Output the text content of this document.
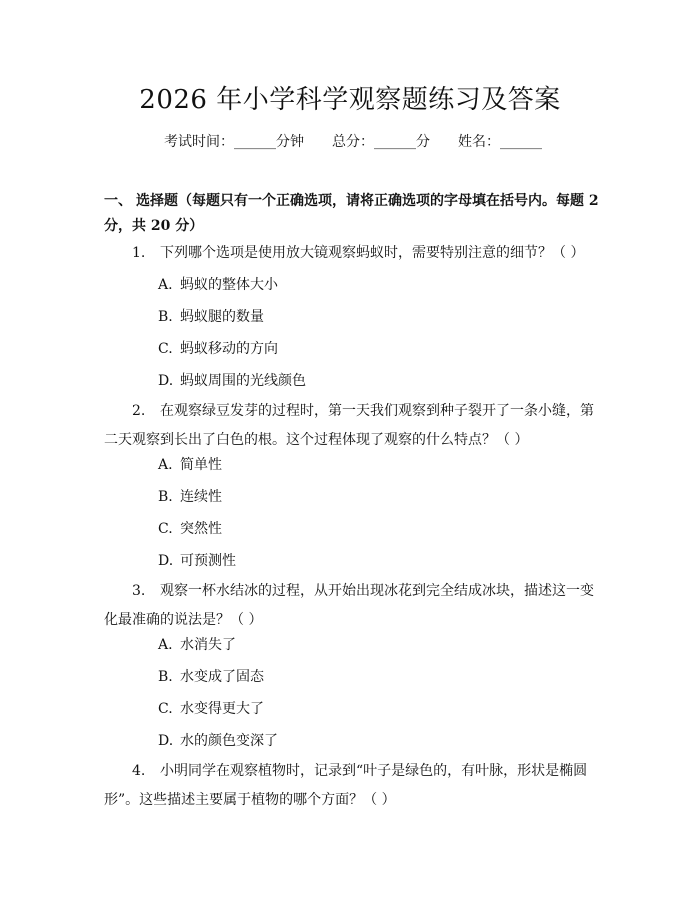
2026 年小学科学观察题练习及答案
考试时间：______分钟 总分：______分 姓名：______
一、 选择题（每题只有一个正确选项，请将正确选项的字母填在括号内。每题 2 分，共 20 分）
1. 下列哪个选项是使用放大镜观察蚂蚁时，需要特别注意的细节？（ ）
A. 蚂蚁的整体大小
B. 蚂蚁腿的数量
C. 蚂蚁移动的方向
D. 蚂蚁周围的光线颜色
2. 在观察绿豆发芽的过程时，第一天我们观察到种子裂开了一条小缝，第二天观察到长出了白色的根。这个过程体现了观察的什么特点？（ ）
A. 简单性
B. 连续性
C. 突然性
D. 可预测性
3. 观察一杯水结冰的过程，从开始出现冰花到完全结成冰块，描述这一变化最准确的说法是？（ ）
A. 水消失了
B. 水变成了固态
C. 水变得更大了
D. 水的颜色变深了
4. 小明同学在观察植物时，记录到“叶子是绿色的，有叶脉，形状是椭圆形”。这些描述主要属于植物的哪个方面？（ ）
